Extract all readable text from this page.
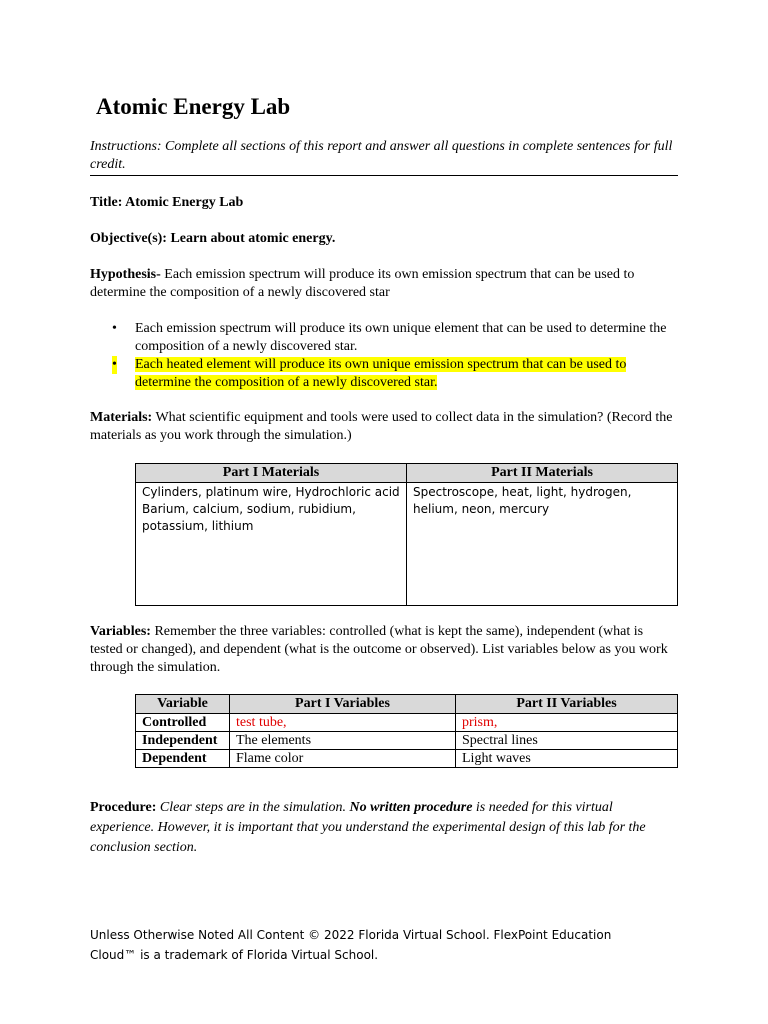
Atomic Energy Lab
Instructions: Complete all sections of this report and answer all questions in complete sentences for full credit.

Title: Atomic Energy Lab

Objective(s): Learn about atomic energy.

Hypothesis- Each emission spectrum will produce its own emission spectrum that can be used to determine the composition of a newly discovered star

• Each emission spectrum will produce its own unique element that can be used to determine the composition of a newly discovered star.
• Each heated element will produce its own unique emission spectrum that can be used to determine the composition of a newly discovered star.

Materials: What scientific equipment and tools were used to collect data in the simulation? (Record the materials as you work through the simulation.)

Part I Materials	Part II Materials
Cylinders, platinum wire, Hydrochloric acid Barium, calcium, sodium, rubidium, potassium, lithium	Spectroscope, heat, light, hydrogen, helium, neon, mercury

Variables: Remember the three variables: controlled (what is kept the same), independent (what is tested or changed), and dependent (what is the outcome or observed). List variables below as you work through the simulation.

Variable	Part I Variables	Part II Variables
Controlled	test tube,	prism,
Independent	The elements	Spectral lines
Dependent	Flame color	Light waves

Procedure: Clear steps are in the simulation. No written procedure is needed for this virtual experience. However, it is important that you understand the experimental design of this lab for the conclusion section.

Unless Otherwise Noted All Content © 2022 Florida Virtual School. FlexPoint Education Cloud™ is a trademark of Florida Virtual School.
